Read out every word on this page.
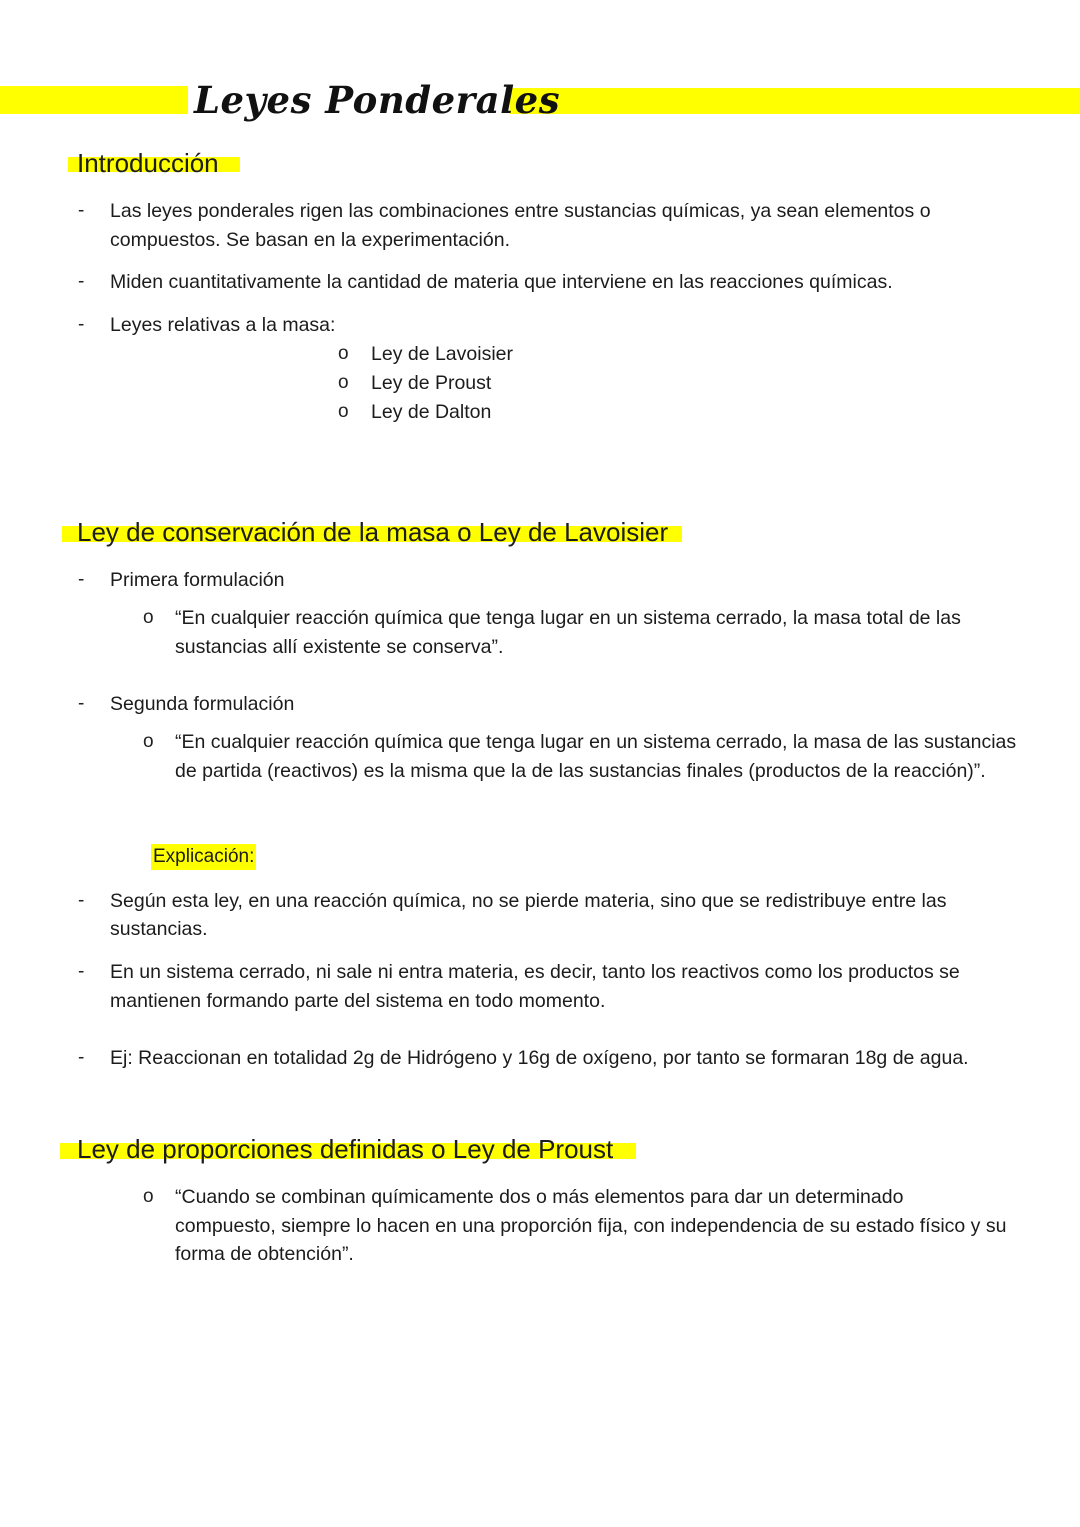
Leyes Ponderales
Introducción
- Las leyes ponderales rigen las combinaciones entre sustancias químicas, ya sean elementos o
compuestos. Se basan en la experimentación.
- Miden cuantitativamente la cantidad de materia que interviene en las reacciones químicas.
- Leyes relativas a la masa:
o Ley de Lavoisier
o Ley de Proust
o Ley de Dalton
Ley de conservación de la masa o Ley de Lavoisier
- Primera formulación
o “En cualquier reacción química que tenga lugar en un sistema cerrado, la masa total de las
sustancias allí existente se conserva”.
- Segunda formulación
o “En cualquier reacción química que tenga lugar en un sistema cerrado, la masa de las sustancias
de partida (reactivos) es la misma que la de las sustancias finales (productos de la reacción)”.
Explicación:
- Según esta ley, en una reacción química, no se pierde materia, sino que se redistribuye entre las
sustancias.
- En un sistema cerrado, ni sale ni entra materia, es decir, tanto los reactivos como los productos se
mantienen formando parte del sistema en todo momento.
- Ej: Reaccionan en totalidad 2g de Hidrógeno y 16g de oxígeno, por tanto se formaran 18g de agua.
Ley de proporciones definidas o Ley de Proust
o “Cuando se combinan químicamente dos o más elementos para dar un determinado
compuesto, siempre lo hacen en una proporción fija, con independencia de su estado físico y su
forma de obtención”.
